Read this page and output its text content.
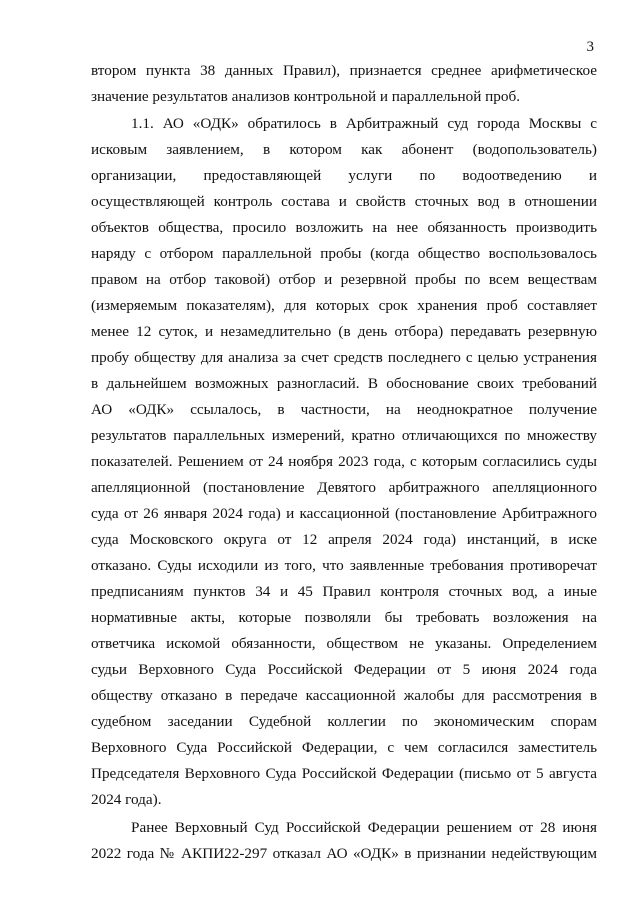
3
втором пункта 38 данных Правил), признается среднее арифметическое
значение результатов анализов контрольной и параллельной проб.
1.1. АО «ОДК» обратилось в Арбитражный суд города Москвы с
исковым заявлением, в котором как абонент (водопользователь)
организации, предоставляющей услуги по водоотведению и
осуществляющей контроль состава и свойств сточных вод в отношении
объектов общества, просило возложить на нее обязанность производить
наряду с отбором параллельной пробы (когда общество воспользовалось
правом на отбор таковой) отбор и резервной пробы по всем веществам
(измеряемым показателям), для которых срок хранения проб составляет
менее 12 суток, и незамедлительно (в день отбора) передавать резервную
пробу обществу для анализа за счет средств последнего с целью устранения
в дальнейшем возможных разногласий. В обоснование своих требований
АО «ОДК» ссылалось, в частности, на неоднократное получение
результатов параллельных измерений, кратно отличающихся по множеству
показателей. Решением от 24 ноября 2023 года, с которым согласились суды
апелляционной (постановление Девятого арбитражного апелляционного
суда от 26 января 2024 года) и кассационной (постановление Арбитражного
суда Московского округа от 12 апреля 2024 года) инстанций, в иске
отказано. Суды исходили из того, что заявленные требования противоречат
предписаниям пунктов 34 и 45 Правил контроля сточных вод, а иные
нормативные акты, которые позволяли бы требовать возложения на
ответчика искомой обязанности, обществом не указаны. Определением
судьи Верховного Суда Российской Федерации от 5 июня 2024 года
обществу отказано в передаче кассационной жалобы для рассмотрения в
судебном заседании Судебной коллегии по экономическим спорам
Верховного Суда Российской Федерации, с чем согласился заместитель
Председателя Верховного Суда Российской Федерации (письмо от 5 августа
2024 года).
Ранее Верховный Суд Российской Федерации решением от 28 июня
2022 года № АКПИ22-297 отказал АО «ОДК» в признании недействующим
